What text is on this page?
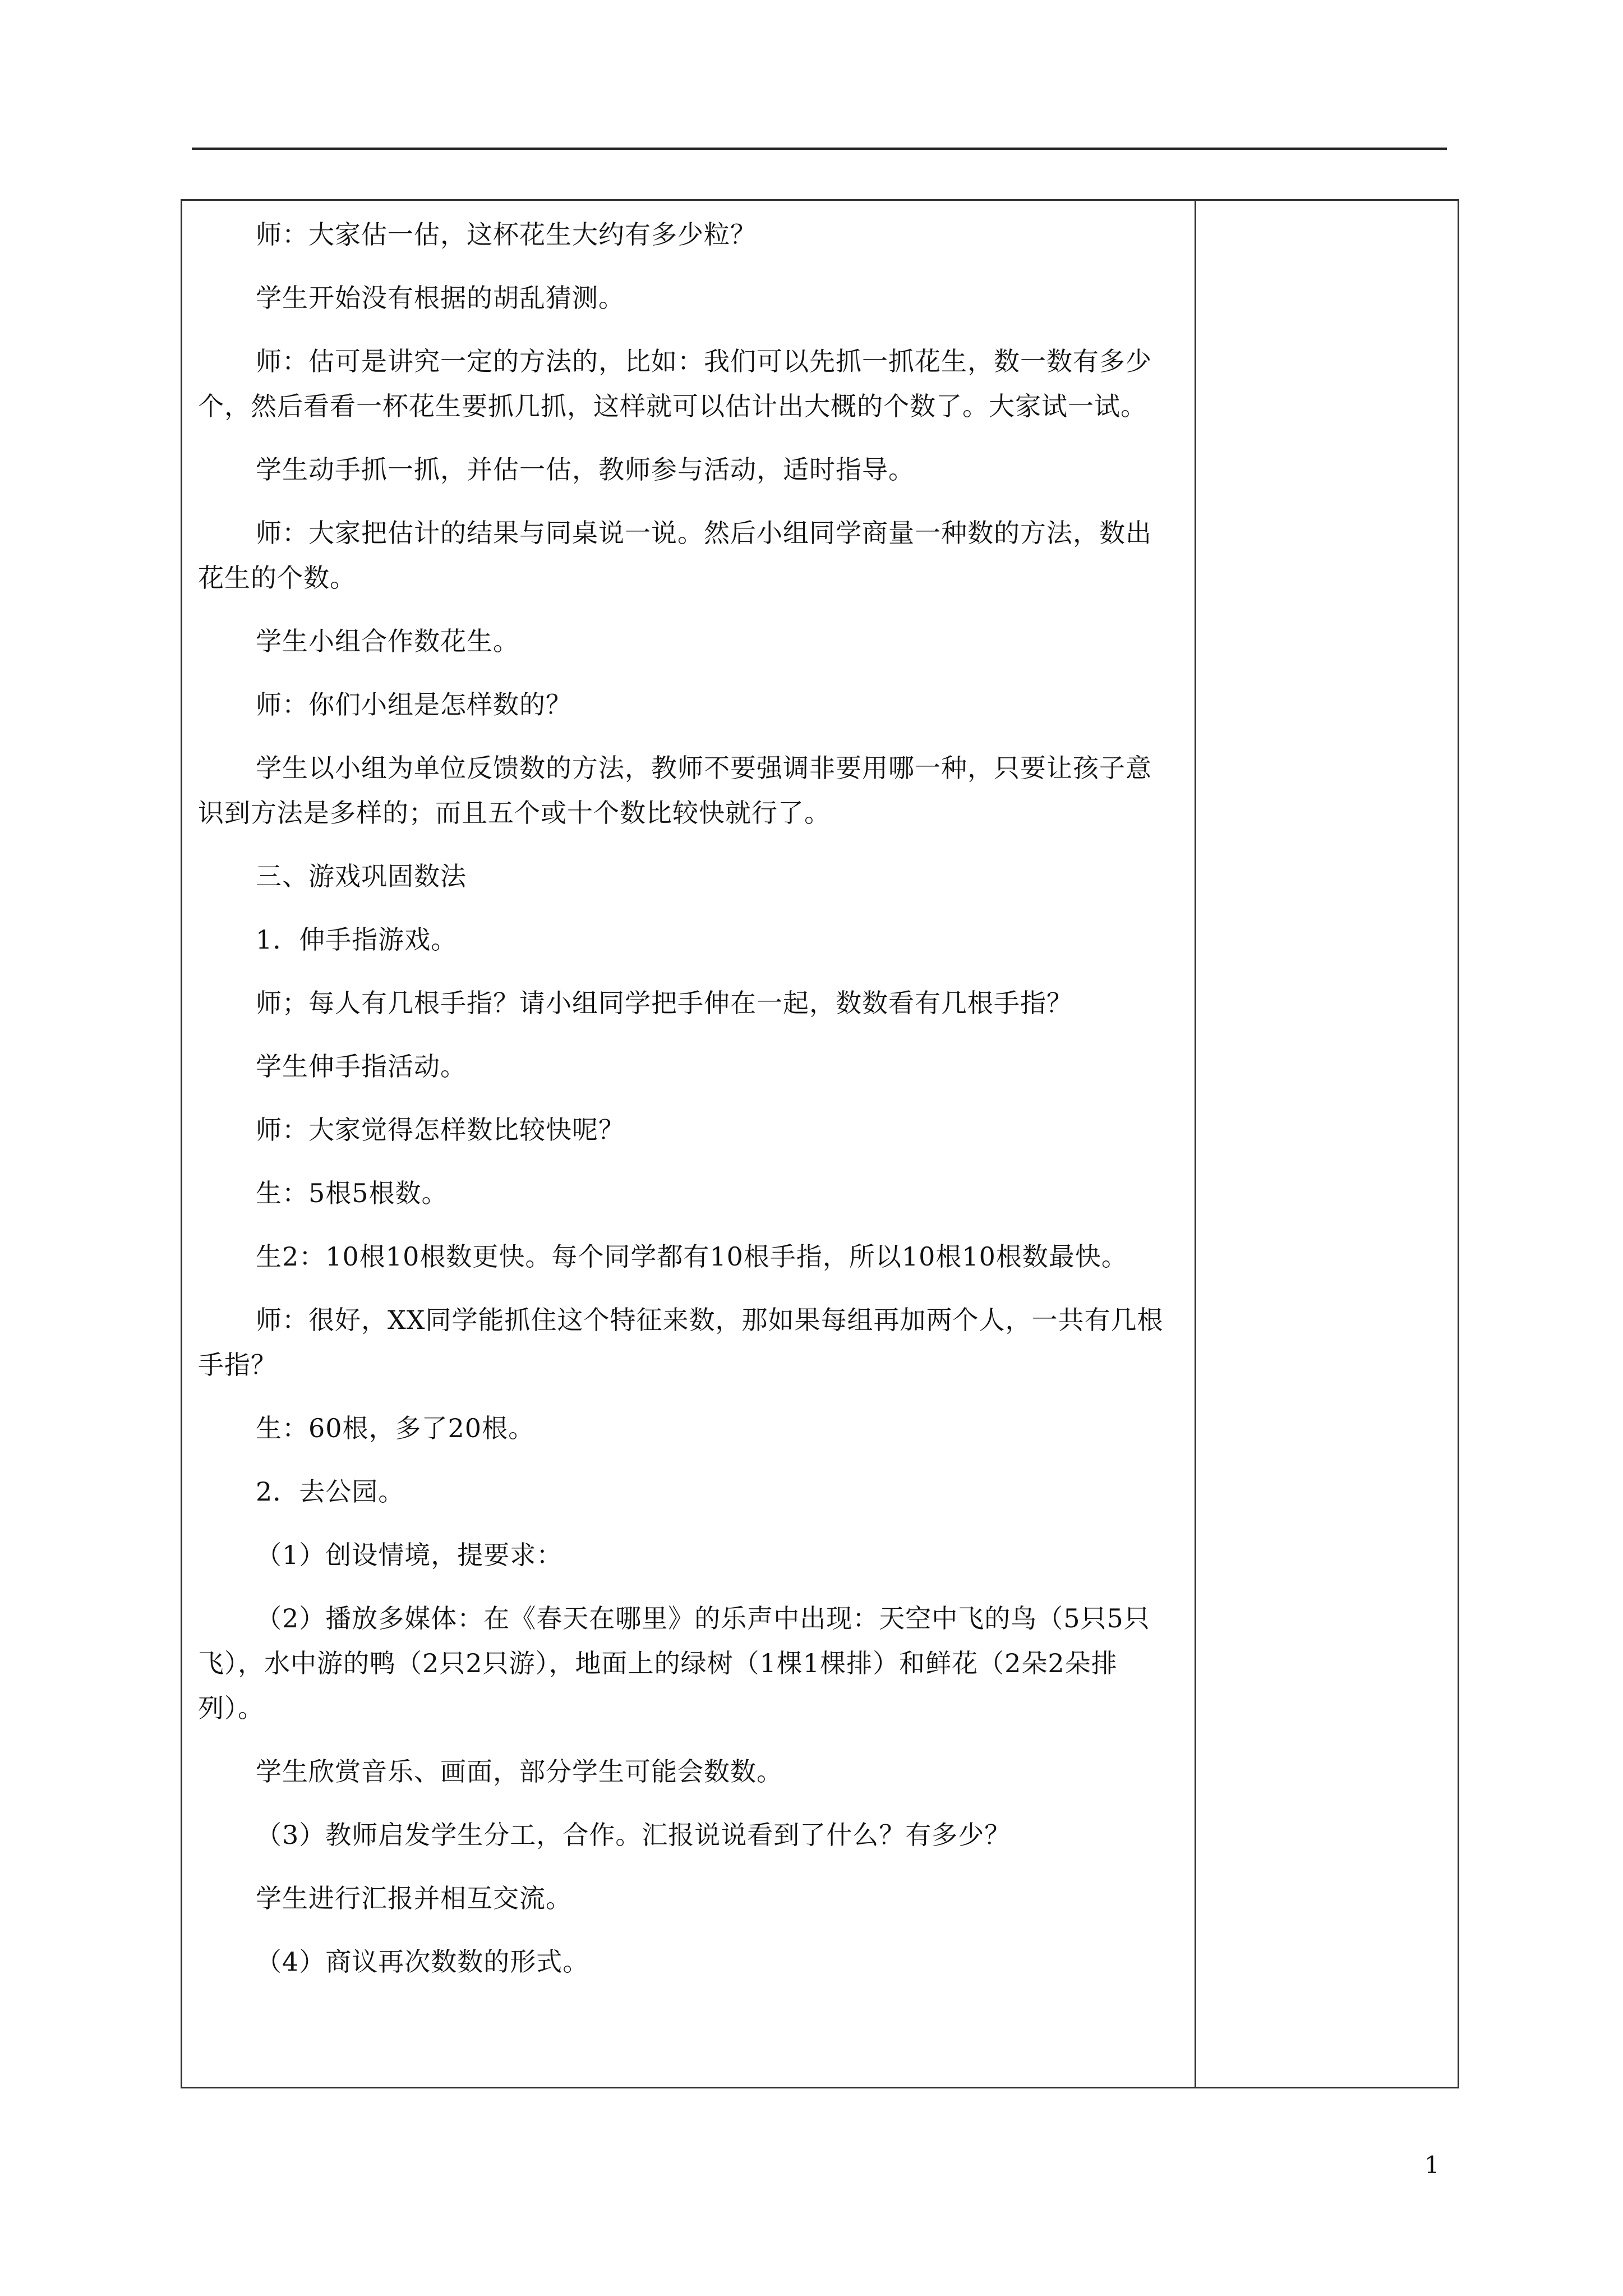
师：大家估一估，这杯花生大约有多少粒？

学生开始没有根据的胡乱猜测。

师：估可是讲究一定的方法的，比如：我们可以先抓一抓花生，数一数有多少个，然后看看一杯花生要抓几抓，这样就可以估计出大概的个数了。大家试一试。

学生动手抓一抓，并估一估，教师参与活动，适时指导。

师：大家把估计的结果与同桌说一说。然后小组同学商量一种数的方法，数出花生的个数。

学生小组合作数花生。

师：你们小组是怎样数的？

学生以小组为单位反馈数的方法，教师不要强调非要用哪一种，只要让孩子意识到方法是多样的；而且五个或十个数比较快就行了。

三、游戏巩固数法

1．伸手指游戏。

师；每人有几根手指？请小组同学把手伸在一起，数数看有几根手指？

学生伸手指活动。

师：大家觉得怎样数比较快呢？

生：5根5根数。

生2：10根10根数更快。每个同学都有10根手指，所以10根10根数最快。

师：很好，XX同学能抓住这个特征来数，那如果每组再加两个人，一共有几根手指？

生：60根，多了20根。

2．去公园。

（1）创设情境，提要求：

（2）播放多媒体：在《春天在哪里》的乐声中出现：天空中飞的鸟（5只5只飞），水中游的鸭（2只2只游），地面上的绿树（1棵1棵排）和鲜花（2朵2朵排列）。

学生欣赏音乐、画面，部分学生可能会数数。

（3）教师启发学生分工，合作。汇报说说看到了什么？有多少？

学生进行汇报并相互交流。

（4）商议再次数数的形式。

1
